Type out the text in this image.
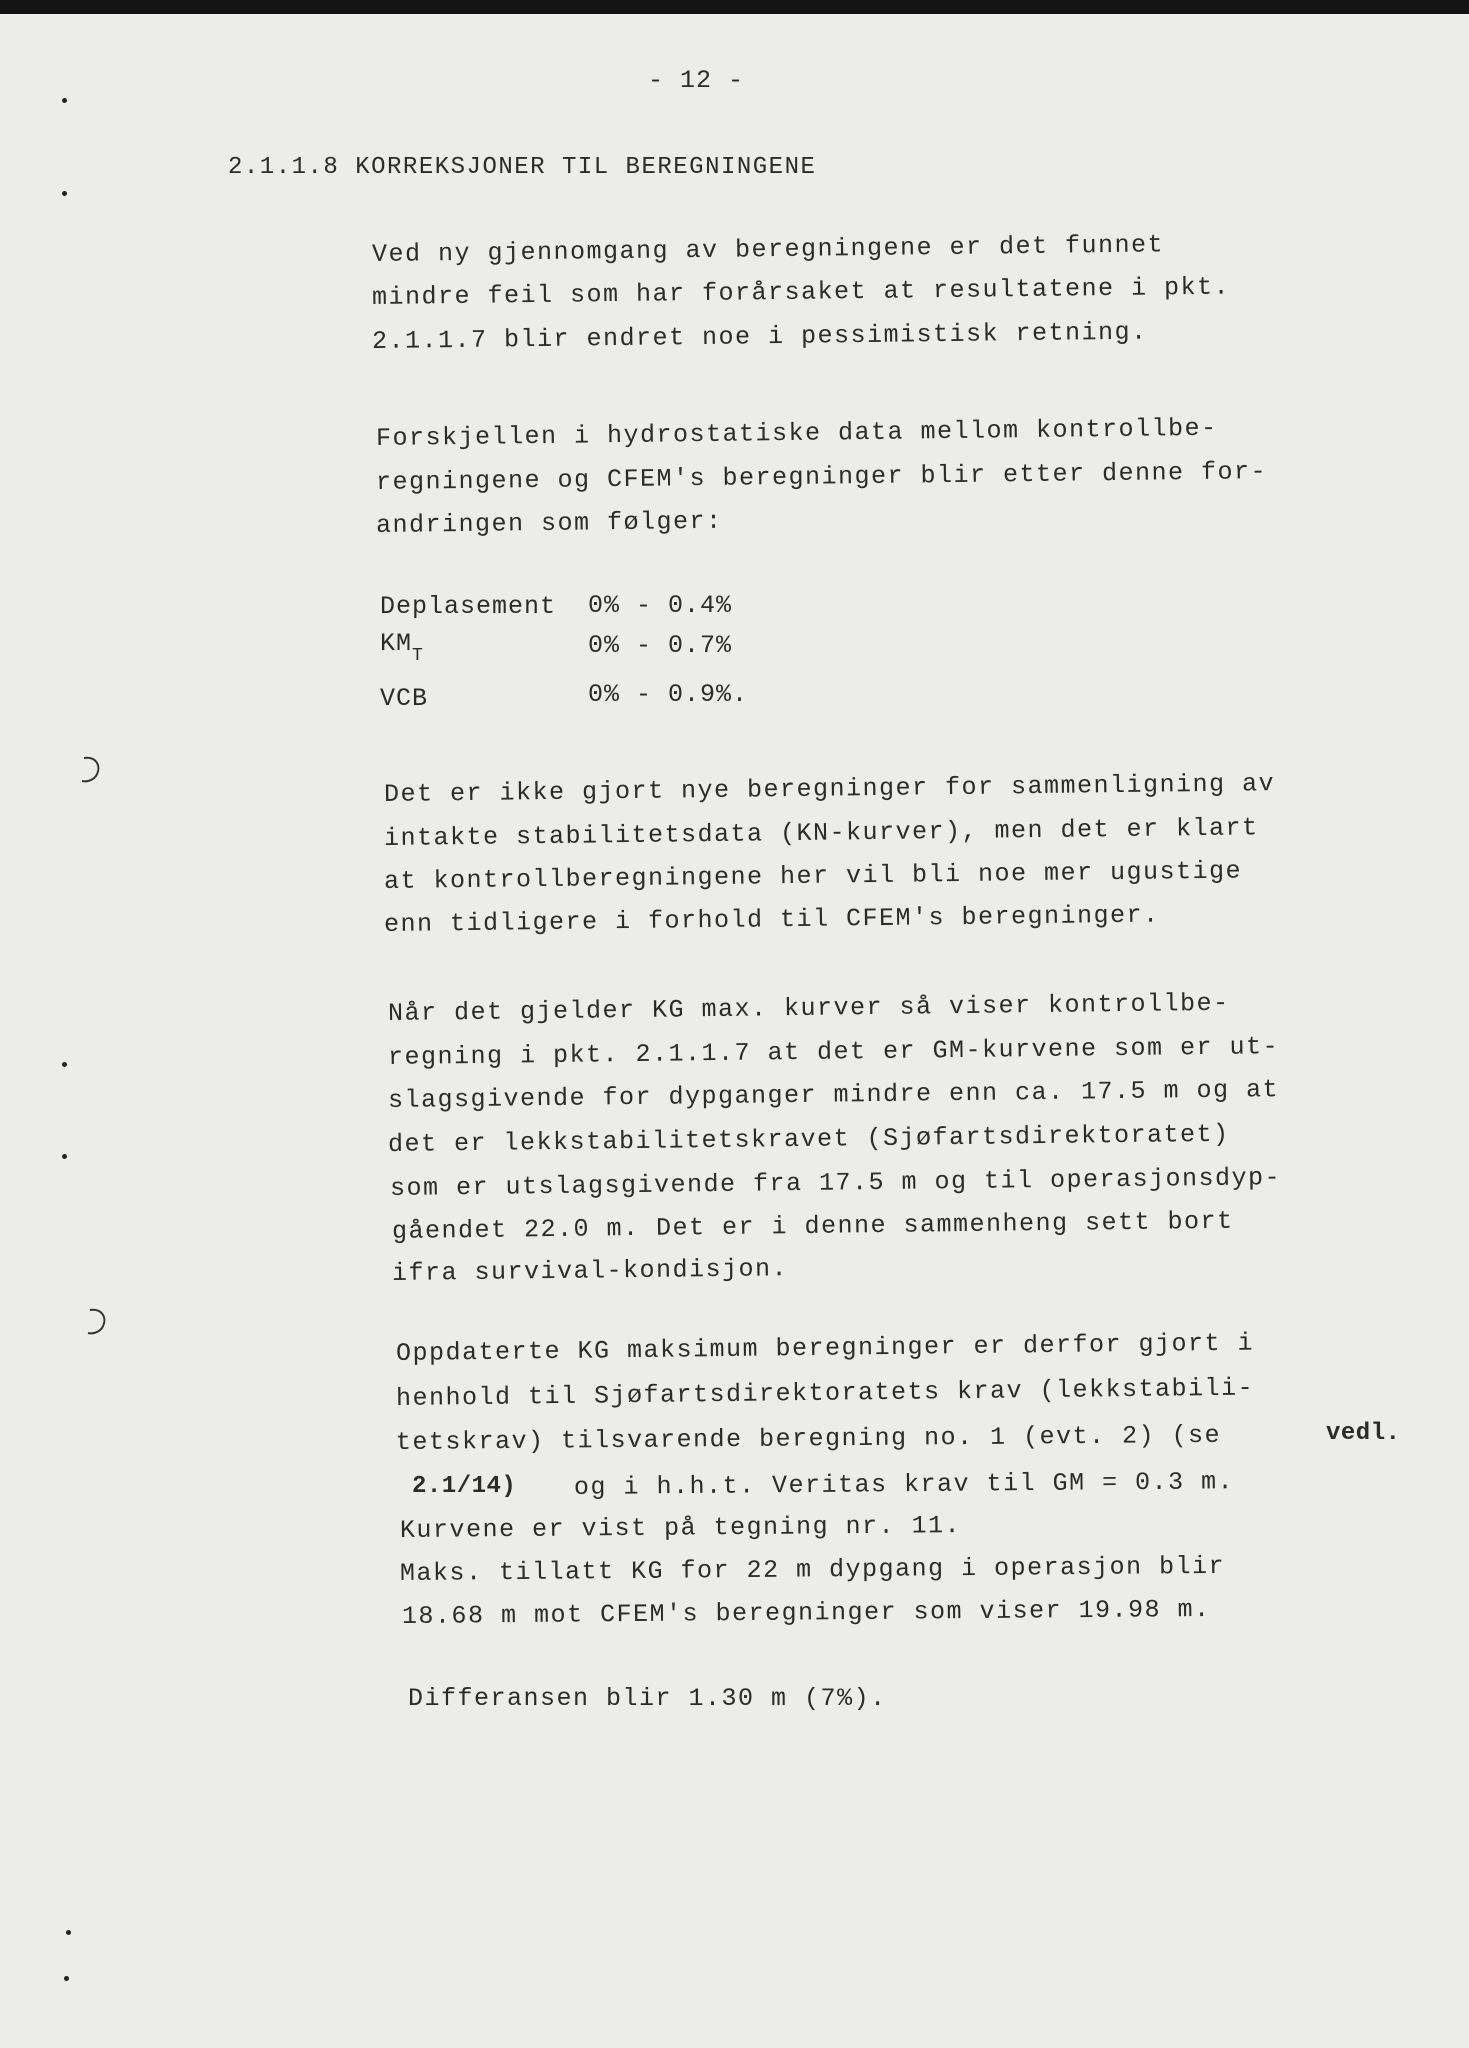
- 12 -
2.1.1.8 KORREKSJONER TIL BEREGNINGENE
Ved ny gjennomgang av beregningene er det funnet
mindre feil som har forårsaket at resultatene i pkt.
2.1.1.7 blir endret noe i pessimistisk retning.
Forskjellen i hydrostatiske data mellom kontrollbe-
regningene og CFEM's beregninger blir etter denne for-
andringen som følger:
Deplasement 0% - 0.4%
$KM_T$	0% - 0.7%
VCB	0% - 0.9%.
Det er ikke gjort nye beregninger for sammenligning av
intakte stabilitetsdata (KN-kurver), men det er klart
at kontrollberegningene her vil bli noe mer ugustige
enn tidligere i forhold til CFEM's beregninger.
Når det gjelder KG max. kurver så viser kontrollbe-
regning i pkt. 2.1.1.7 at det er GM-kurvene som er ut-
slagsgivende for dypganger mindre enn ca. 17.5 m og at
det er lekkstabilitetskravet (Sjøfartsdirektoratet)
som er utslagsgivende fra 17.5 m og til operasjonsdyp-
gåendet 22.0 m. Det er i denne sammenheng sett bort
ifra survival-kondisjon.
Oppdaterte KG maksimum beregninger er derfor gjort i
henhold til Sjøfartsdirektoratets krav (lekkstabili-
tetskrav) tilsvarende beregning no. 1 (evt. 2) (se	vedl.
2.1/14) og i h.h.t. Veritas krav til GM = 0.3 m.
Kurvene er vist på tegning nr. 11.
Maks. tillatt KG for 22 m dypgang i operasjon blir
18.68 m mot CFEM's beregninger som viser 19.98 m.
Differansen blir 1.30 m (7%).
